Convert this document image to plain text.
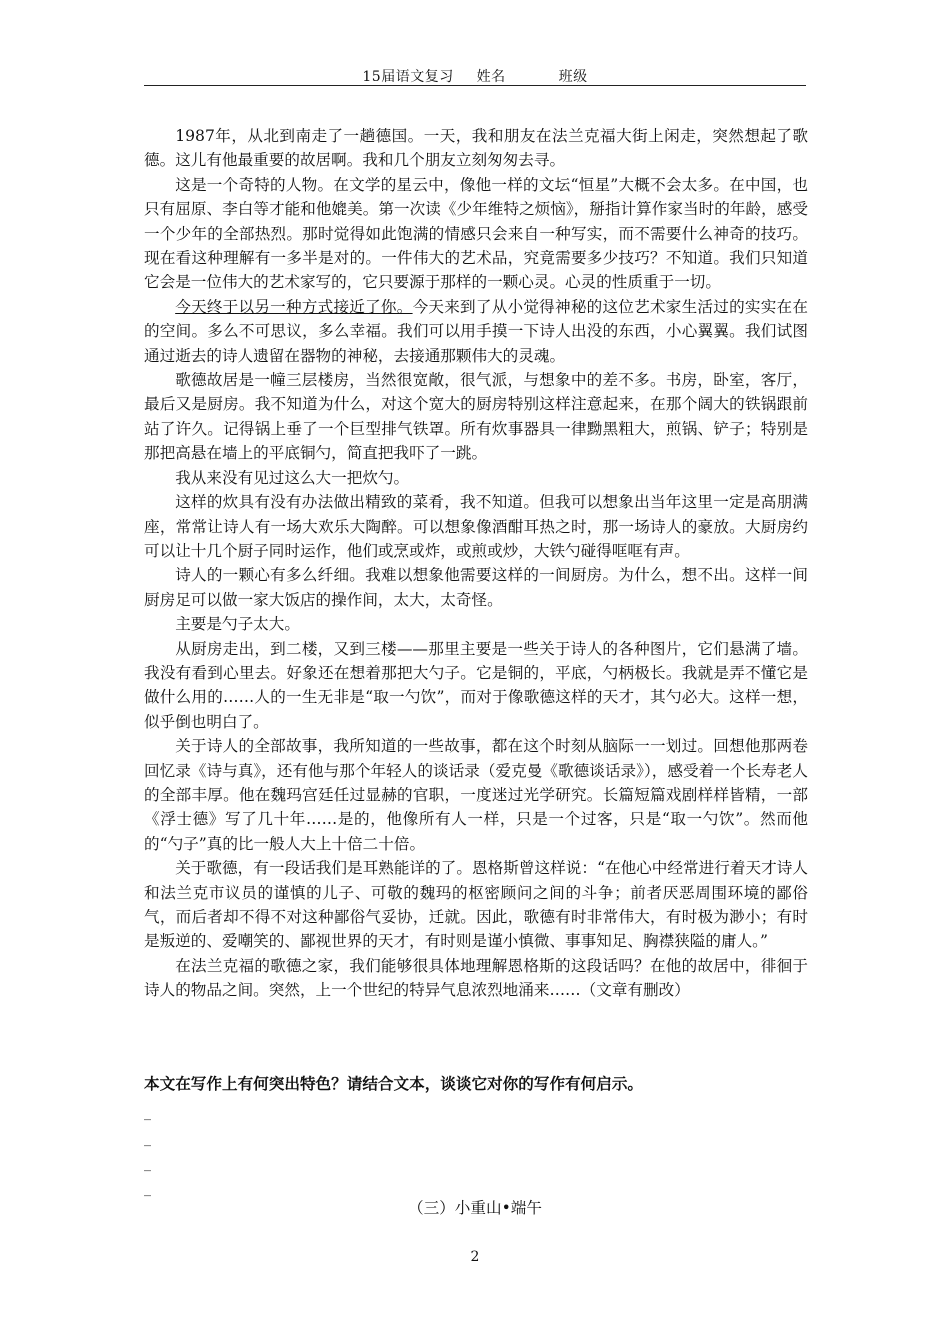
15届语文复习 姓名	班级

1987年，从北到南走了一趟德国。一天，我和朋友在法兰克福大街上闲走，突然想起了歌德。这儿有他最重要的故居啊。我和几个朋友立刻匆匆去寻。

这是一个奇特的人物。在文学的星云中，像他一样的文坛“恒星”大概不会太多。在中国，也只有屈原、李白等才能和他媲美。第一次读《少年维特之烦恼》，掰指计算作家当时的年龄，感受一个少年的全部热烈。那时觉得如此饱满的情感只会来自一种写实，而不需要什么神奇的技巧。现在看这种理解有一多半是对的。一件伟大的艺术品，究竟需要多少技巧？不知道。我们只知道它会是一位伟大的艺术家写的，它只要源于那样的一颗心灵。心灵的性质重于一切。

今天终于以另一种方式接近了你。今天来到了从小觉得神秘的这位艺术家生活过的实实在在的空间。多么不可思议，多么幸福。我们可以用手摸一下诗人出没的东西，小心翼翼。我们试图通过逝去的诗人遗留在器物的神秘，去接通那颗伟大的灵魂。

歌德故居是一幢三层楼房，当然很宽敞，很气派，与想象中的差不多。书房，卧室，客厅，最后又是厨房。我不知道为什么，对这个宽大的厨房特别这样注意起来，在那个阔大的铁锅跟前站了许久。记得锅上垂了一个巨型排气铁罩。所有炊事器具一律黝黑粗大，煎锅、铲子；特别是那把高悬在墙上的平底铜勺，简直把我吓了一跳。

我从来没有见过这么大一把炊勺。

这样的炊具有没有办法做出精致的菜肴，我不知道。但我可以想象出当年这里一定是高朋满座，常常让诗人有一场大欢乐大陶醉。可以想象像酒酣耳热之时，那一场诗人的豪放。大厨房约可以让十几个厨子同时运作，他们或烹或炸，或煎或炒，大铁勺碰得哐哐有声。

诗人的一颗心有多么纤细。我难以想象他需要这样的一间厨房。为什么，想不出。这样一间厨房足可以做一家大饭店的操作间，太大，太奇怪。

主要是勺子太大。

从厨房走出，到二楼，又到三楼——那里主要是一些关于诗人的各种图片，它们悬满了墙。我没有看到心里去。好象还在想着那把大勺子。它是铜的，平底，勺柄极长。我就是弄不懂它是做什么用的……人的一生无非是“取一勺饮”，而对于像歌德这样的天才，其勺必大。这样一想，似乎倒也明白了。

关于诗人的全部故事，我所知道的一些故事，都在这个时刻从脑际一一划过。回想他那两卷回忆录《诗与真》，还有他与那个年轻人的谈话录（爱克曼《歌德谈话录》），感受着一个长寿老人的全部丰厚。他在魏玛宫廷任过显赫的官职，一度迷过光学研究。长篇短篇戏剧样样皆精，一部《浮士德》写了几十年……是的，他像所有人一样，只是一个过客，只是“取一勺饮”。然而他的“勺子”真的比一般人大上十倍二十倍。

关于歌德，有一段话我们是耳熟能详的了。恩格斯曾这样说：“在他心中经常进行着天才诗人和法兰克市议员的谨慎的儿子、可敬的魏玛的枢密顾问之间的斗争；前者厌恶周围环境的鄙俗气，而后者却不得不对这种鄙俗气妥协，迁就。因此，歌德有时非常伟大，有时极为渺小；有时是叛逆的、爱嘲笑的、鄙视世界的天才，有时则是谨小慎微、事事知足、胸襟狭隘的庸人。”

在法兰克福的歌德之家，我们能够很具体地理解恩格斯的这段话吗？在他的故居中，徘徊于诗人的物品之间。突然，上一个世纪的特异气息浓烈地涌来……（文章有删改）

本文在写作上有何突出特色？请结合文本，谈谈它对你的写作有何启示。
_
_
_
_
（三）小重山•端午
2
